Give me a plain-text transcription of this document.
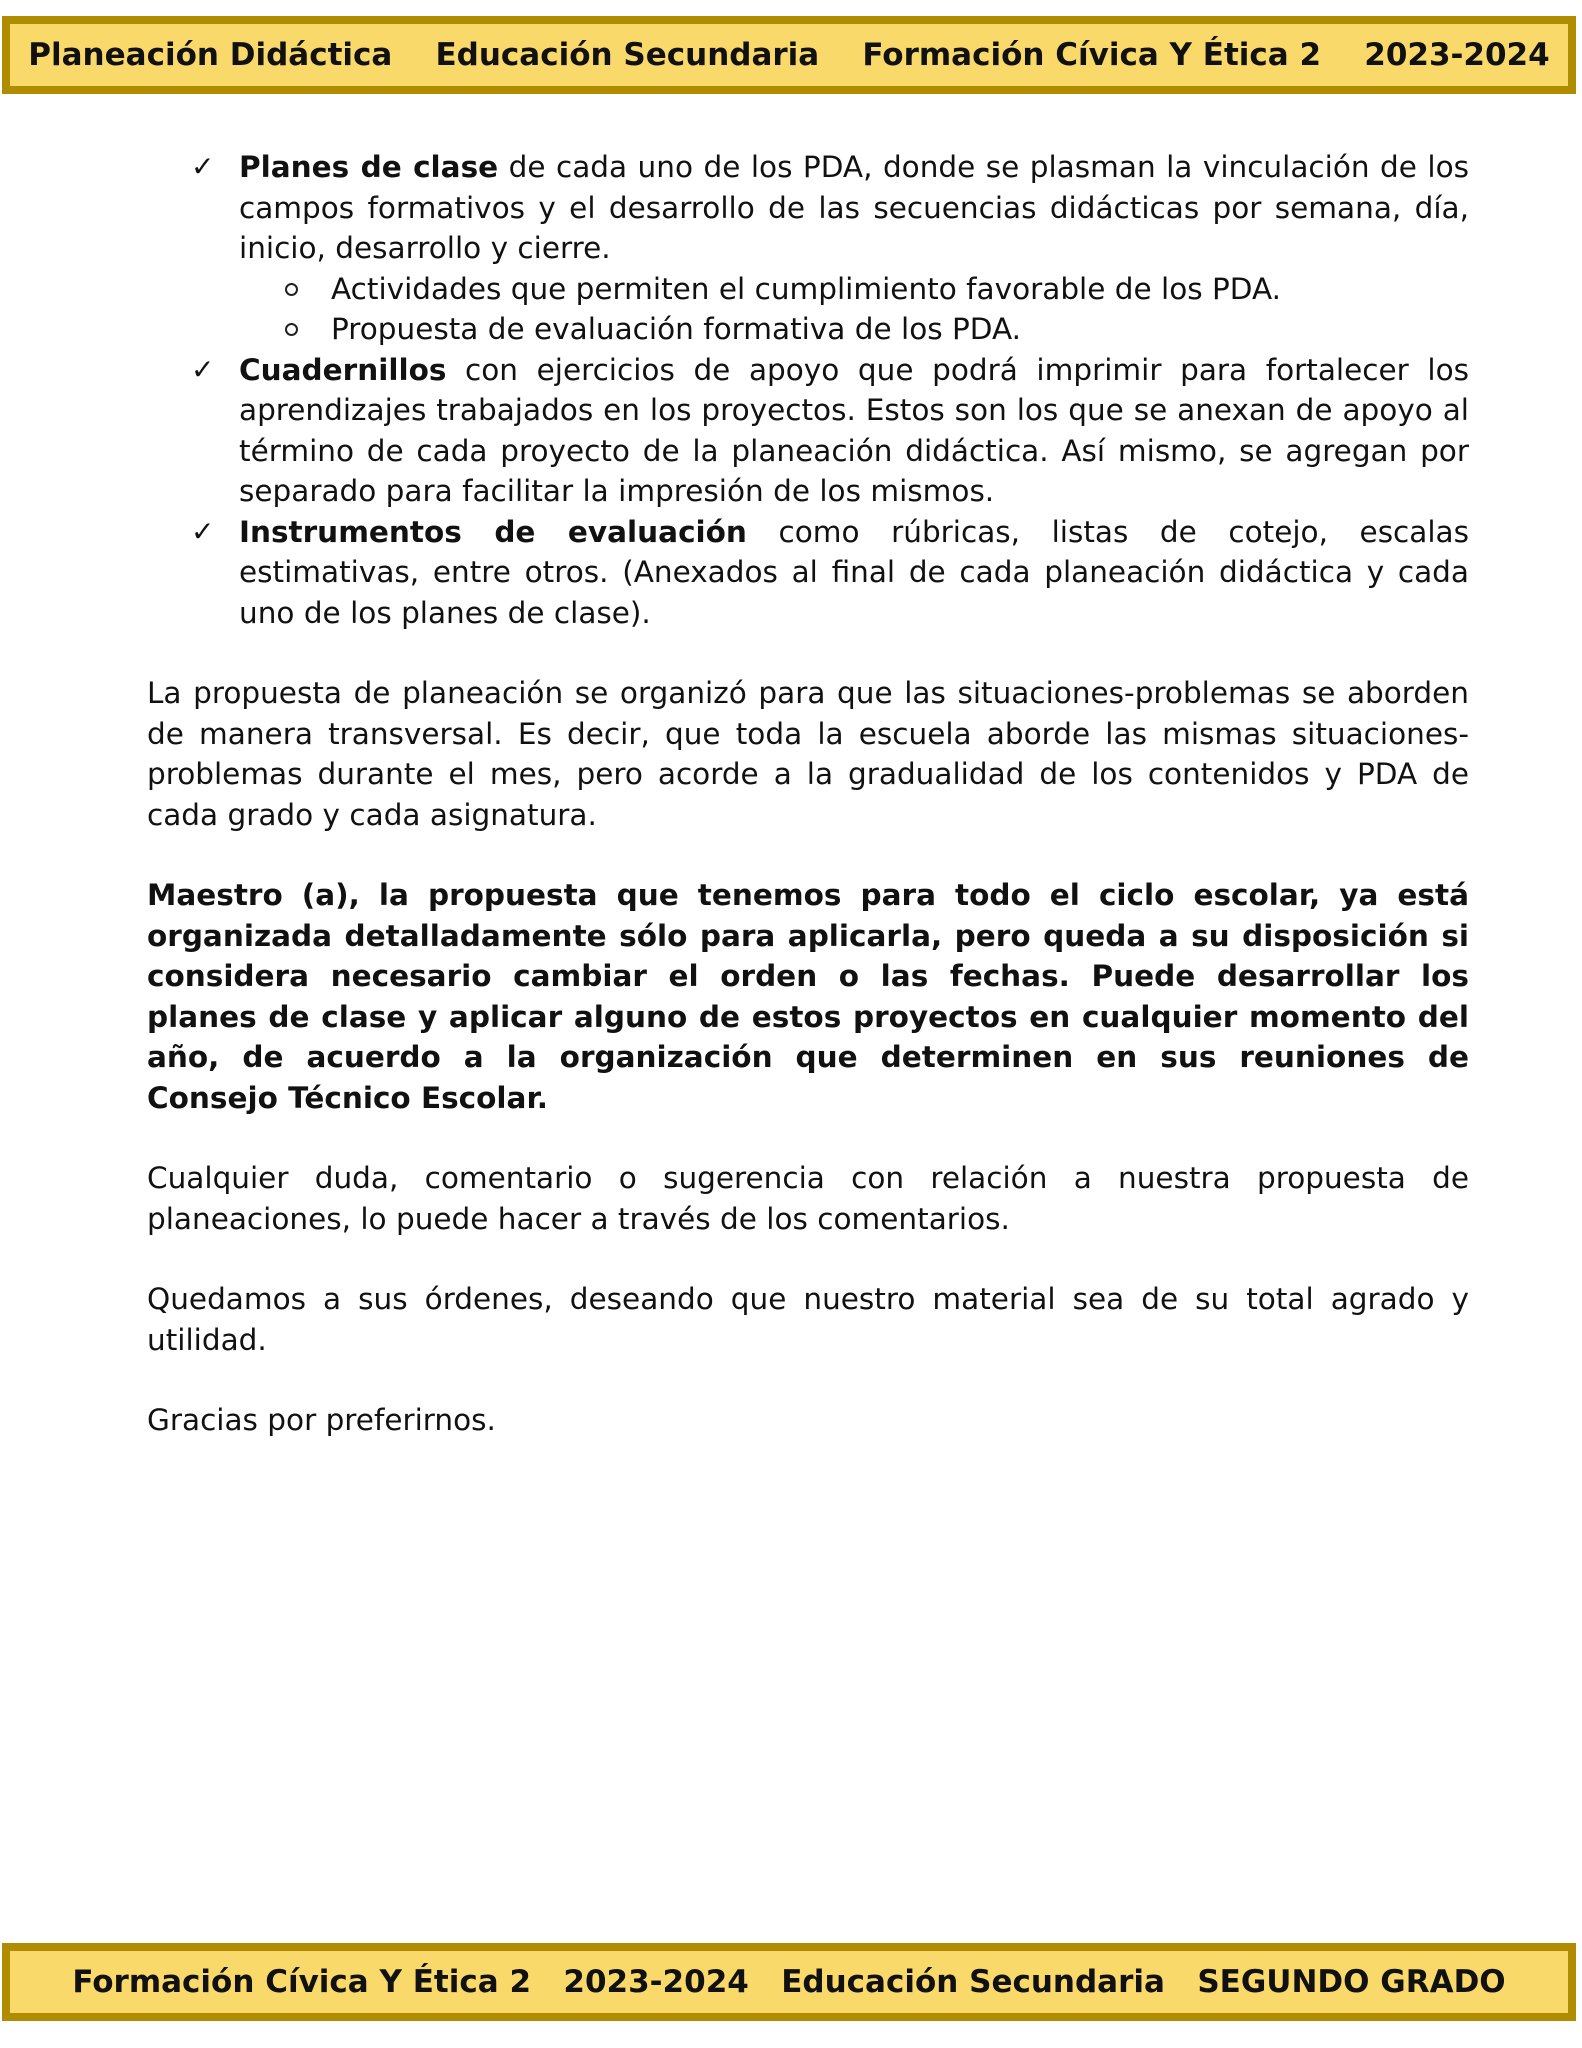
Planeación Didáctica
Educación Secundaria
Formación Cívica Y Ética 2
2023-2024
✓ Planes de clase de cada uno de los PDA, donde se plasman la vinculación de los campos formativos y el desarrollo de las secuencias didácticas por semana, día, inicio, desarrollo y cierre.
Actividades que permiten el cumplimiento favorable de los PDA.
Propuesta de evaluación formativa de los PDA.
✓ Cuadernillos con ejercicios de apoyo que podrá imprimir para fortalecer los aprendizajes trabajados en los proyectos. Estos son los que se anexan de apoyo al término de cada proyecto de la planeación didáctica. Así mismo, se agregan por separado para facilitar la impresión de los mismos.
✓ Instrumentos de evaluación como rúbricas, listas de cotejo, escalas estimativas, entre otros. (Anexados al final de cada planeación didáctica y cada uno de los planes de clase).

La propuesta de planeación se organizó para que las situaciones-problemas se aborden de manera transversal. Es decir, que toda la escuela aborde las mismas situaciones-problemas durante el mes, pero acorde a la gradualidad de los contenidos y PDA de cada grado y cada asignatura.

Maestro (a), la propuesta que tenemos para todo el ciclo escolar, ya está organizada detalladamente sólo para aplicarla, pero queda a su disposición si considera necesario cambiar el orden o las fechas. Puede desarrollar los planes de clase y aplicar alguno de estos proyectos en cualquier momento del año, de acuerdo a la organización que determinen en sus reuniones de Consejo Técnico Escolar.

Cualquier duda, comentario o sugerencia con relación a nuestra propuesta de planeaciones, lo puede hacer a través de los comentarios.

Quedamos a sus órdenes, deseando que nuestro material sea de su total agrado y utilidad.

Gracias por preferirnos.

Formación Cívica Y Ética 2
2023-2024
Educación Secundaria
SEGUNDO GRADO
